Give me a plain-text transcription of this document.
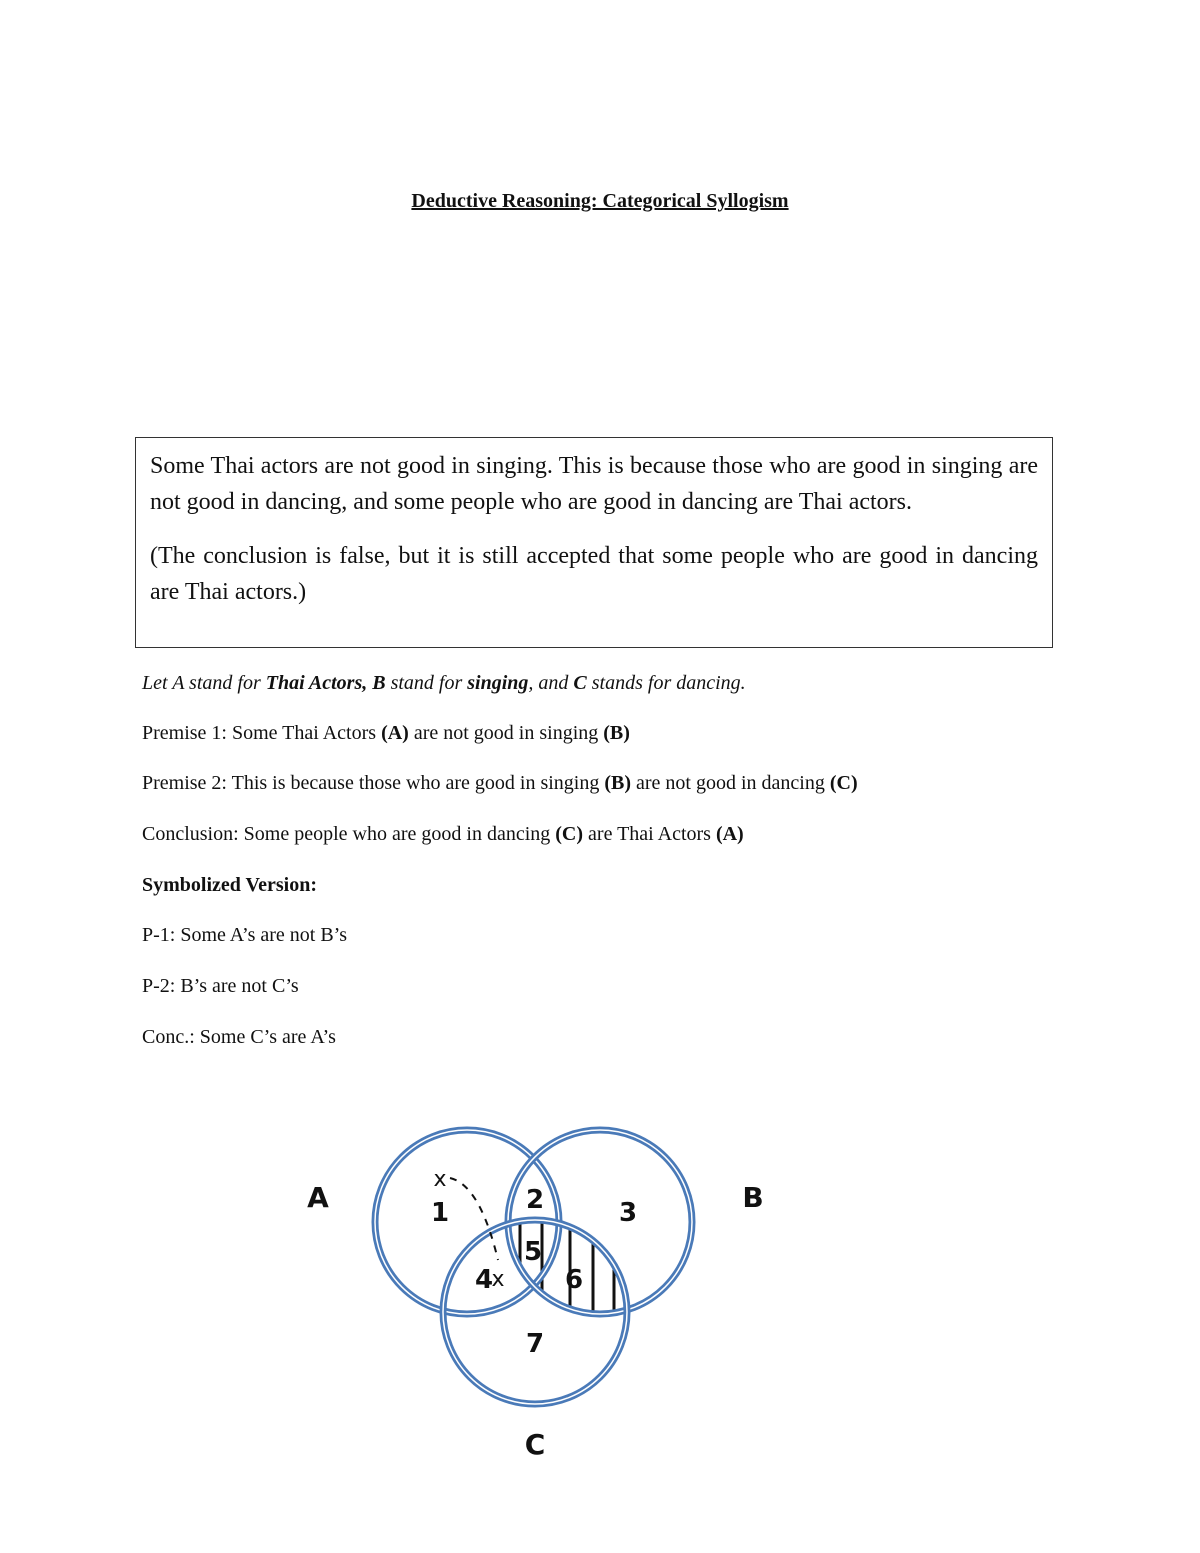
Deductive Reasoning: Categorical Syllogism

Some Thai actors are not good in singing. This is because those who are good in singing are not good in dancing, and some people who are good in dancing are Thai actors.

(The conclusion is false, but it is still accepted that some people who are good in dancing are Thai actors.)

Let A stand for Thai Actors, B stand for singing, and C stands for dancing.
Premise 1: Some Thai Actors (A) are not good in singing (B)
Premise 2: This is because those who are good in singing (B) are not good in dancing (C)
Conclusion: Some people who are good in dancing (C) are Thai Actors (A)
Symbolized Version:
P-1: Some A’s are not B’s
P-2: B’s are not C’s
Conc.: Some C’s are A’s
A	B
C
1	2	3
4
5
6
7
x
x
